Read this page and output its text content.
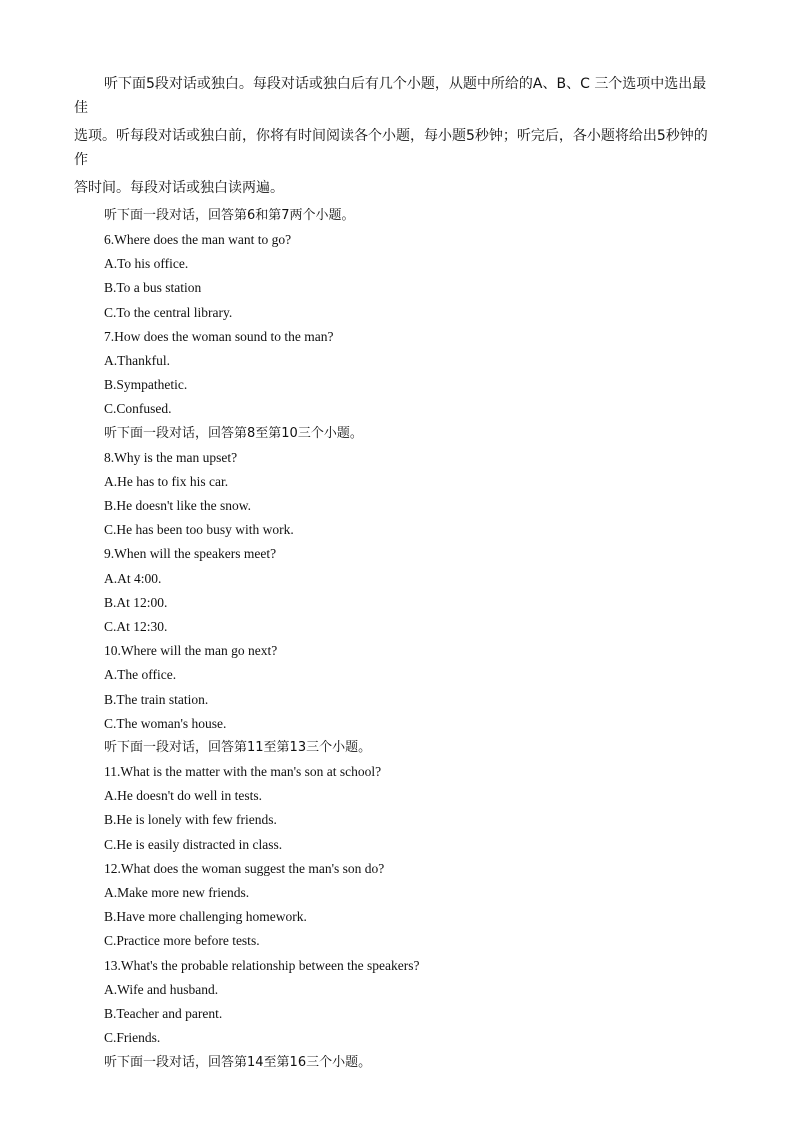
听下面5段对话或独白。每段对话或独白后有几个小题，从题中所给的A、B、C 三个选项中选出最佳
选项。听每段对话或独白前，你将有时间阅读各个小题，每小题5秒钟；听完后，各小题将给出5秒钟的作
答时间。每段对话或独白读两遍。

听下面一段对话，回答第6和第7两个小题。

6.Where does the man want to go?

A.To his office.

B.To a bus station

C.To the central library.

7.How does the woman sound to the man?

A.Thankful.

B.Sympathetic.

C.Confused.

听下面一段对话，回答第8至第10三个小题。

8.Why is the man upset?

A.He has to fix his car.

B.He doesn't like the snow.

C.He has been too busy with work.

9.When will the speakers meet?

A.At 4:00.

B.At 12:00.

C.At 12:30.

10.Where will the man go next?

A.The office.

B.The train station.

C.The woman's house.

听下面一段对话，回答第11至第13三个小题。

11.What is the matter with the man's son at school?

A.He doesn't do well in tests.

B.He is lonely with few friends.

C.He is easily distracted in class.

12.What does the woman suggest the man's son do?

A.Make more new friends.

B.Have more challenging homework.

C.Practice more before tests.

13.What's the probable relationship between the speakers?

A.Wife and husband.

B.Teacher and parent.

C.Friends.

听下面一段对话，回答第14至第16三个小题。
